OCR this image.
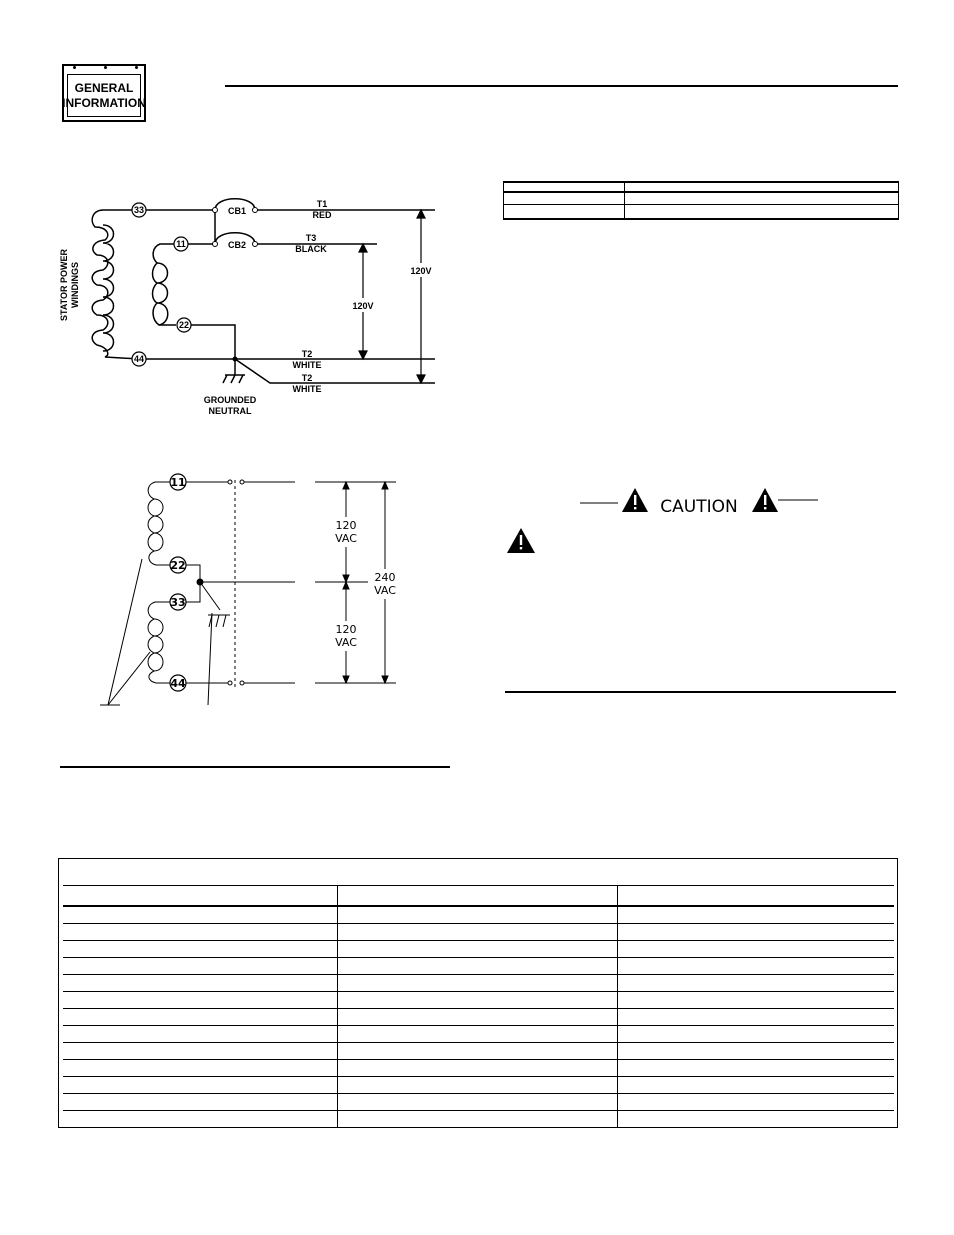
GENERAL
INFORMATION

33
11
22
44
CB1
CB2
T1
RED
T3
BLACK
T2
WHITE
T2
WHITE
GROUNDED
NEUTRAL
STATOR POWER WINDINGS	120V
120V
11
22
33
44
120
VAC
120
VAC
240
VAC
CAUTION
